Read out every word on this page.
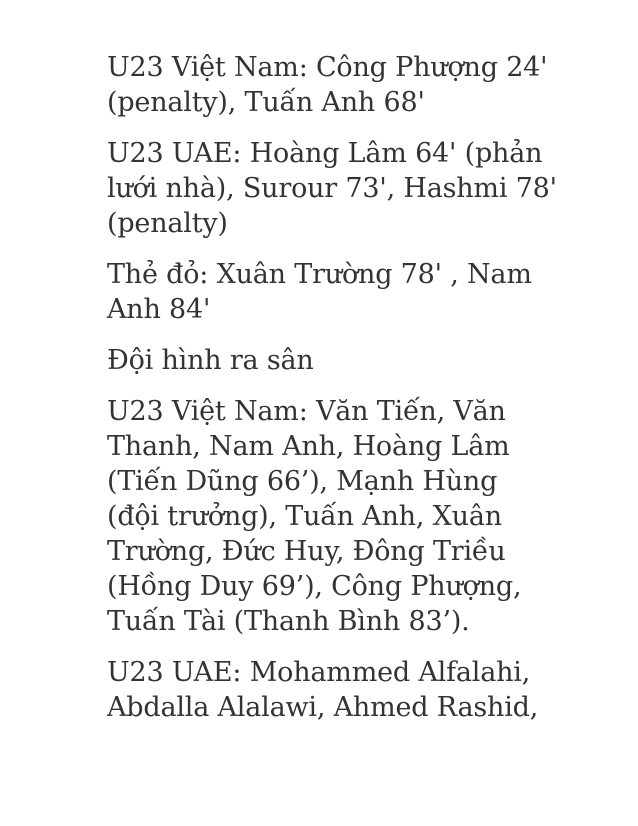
U23 Việt Nam: Công Phượng 24'
(penalty), Tuấn Anh 68'

U23 UAE: Hoàng Lâm 64' (phản
lưới nhà), Surour 73', Hashmi 78'
(penalty)

Thẻ đỏ: Xuân Trường 78' , Nam
Anh 84'

Đội hình ra sân

U23 Việt Nam: Văn Tiến, Văn
Thanh, Nam Anh, Hoàng Lâm
(Tiến Dũng 66’), Mạnh Hùng
(đội trưởng), Tuấn Anh, Xuân
Trường, Đức Huy, Đông Triều
(Hồng Duy 69’), Công Phượng,
Tuấn Tài (Thanh Bình 83’).

U23 UAE: Mohammed Alfalahi,
Abdalla Alalawi, Ahmed Rashid,
